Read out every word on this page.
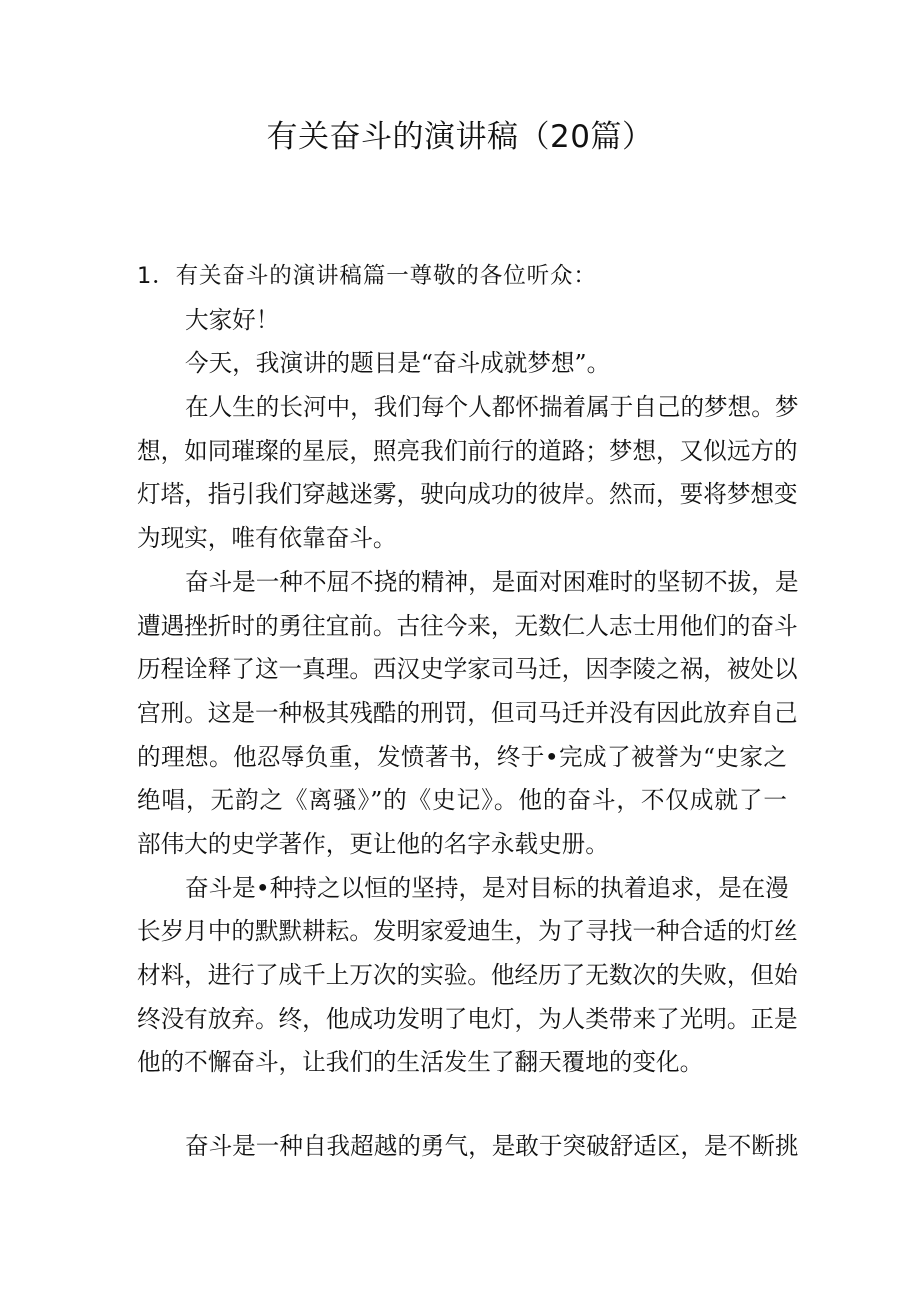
有关奋斗的演讲稿（20篇）
1．有关奋斗的演讲稿篇一尊敬的各位听众：
大家好！
今天，我演讲的题目是“奋斗成就梦想”。
在人生的长河中，我们每个人都怀揣着属于自己的梦想。梦
想，如同璀璨的星辰，照亮我们前行的道路；梦想，又似远方的
灯塔，指引我们穿越迷雾，驶向成功的彼岸。然而，要将梦想变
为现实，唯有依靠奋斗。
奋斗是一种不屈不挠的精神，是面对困难时的坚韧不拔，是
遭遇挫折时的勇往宜前。古往今来，无数仁人志士用他们的奋斗
历程诠释了这一真理。西汉史学家司马迁，因李陵之祸，被处以
宫刑。这是一种极其残酷的刑罚，但司马迁并没有因此放弃自己
的理想。他忍辱负重，发愤著书，终于•完成了被誉为“史家之
绝唱，无韵之《离骚》”的《史记》。他的奋斗，不仅成就了一
部伟大的史学著作，更让他的名字永载史册。
奋斗是•种持之以恒的坚持，是对目标的执着追求，是在漫
长岁月中的默默耕耘。发明家爱迪生，为了寻找一种合适的灯丝
材料，进行了成千上万次的实验。他经历了无数次的失败，但始
终没有放弃。终，他成功发明了电灯，为人类带来了光明。正是
他的不懈奋斗，让我们的生活发生了翻天覆地的变化。
奋斗是一种自我超越的勇气，是敢于突破舒适区，是不断挑
